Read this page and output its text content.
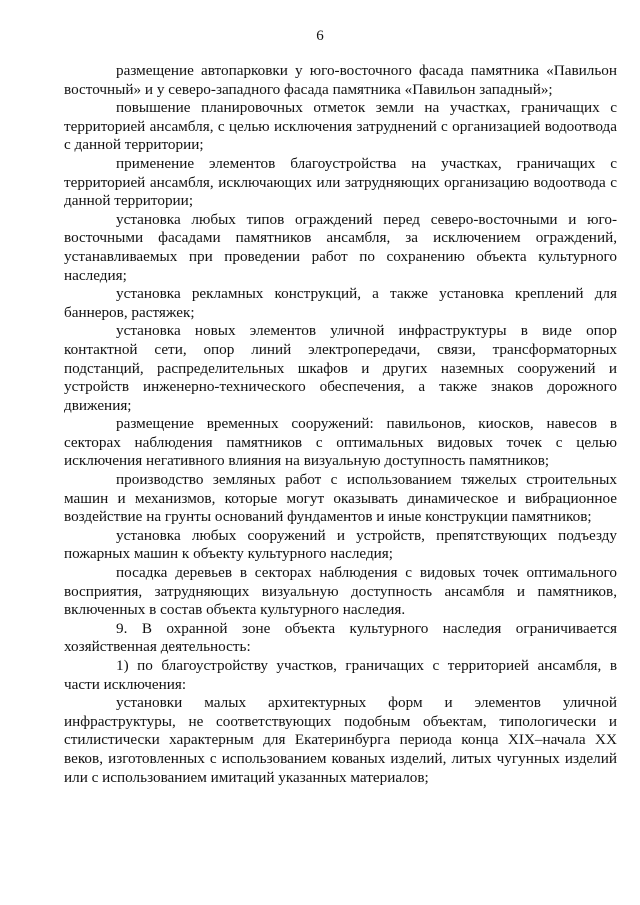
6

размещение автопарковки у юго-восточного фасада памятника «Павильон восточный» и у северо-западного фасада памятника «Павильон западный»;

повышение планировочных отметок земли на участках, граничащих с территорией ансамбля, с целью исключения затруднений с организацией водоотвода с данной территории;

применение элементов благоустройства на участках, граничащих с территорией ансамбля, исключающих или затрудняющих организацию водоотвода с данной территории;

установка любых типов ограждений перед северо-восточными и юго-восточными фасадами памятников ансамбля, за исключением ограждений, устанавливаемых при проведении работ по сохранению объекта культурного наследия;

установка рекламных конструкций, а также установка креплений для баннеров, растяжек;

установка новых элементов уличной инфраструктуры в виде опор контактной сети, опор линий электропередачи, связи, трансформаторных подстанций, распределительных шкафов и других наземных сооружений и устройств инженерно-технического обеспечения, а также знаков дорожного движения;

размещение временных сооружений: павильонов, киосков, навесов в секторах наблюдения памятников с оптимальных видовых точек с целью исключения негативного влияния на визуальную доступность памятников;

производство земляных работ с использованием тяжелых строительных машин и механизмов, которые могут оказывать динамическое и вибрационное воздействие на грунты оснований фундаментов и иные конструкции памятников;

установка любых сооружений и устройств, препятствующих подъезду пожарных машин к объекту культурного наследия;

посадка деревьев в секторах наблюдения с видовых точек оптимального восприятия, затрудняющих визуальную доступность ансамбля и памятников, включенных в состав объекта культурного наследия.

9. В охранной зоне объекта культурного наследия ограничивается хозяйственная деятельность:

1) по благоустройству участков, граничащих с территорией ансамбля, в части исключения:

установки малых архитектурных форм и элементов уличной инфраструктуры, не соответствующих подобным объектам, типологически и стилистически характерным для Екатеринбурга периода конца XIX–начала XX веков, изготовленных с использованием кованых изделий, литых чугунных изделий или с использованием имитаций указанных материалов;
